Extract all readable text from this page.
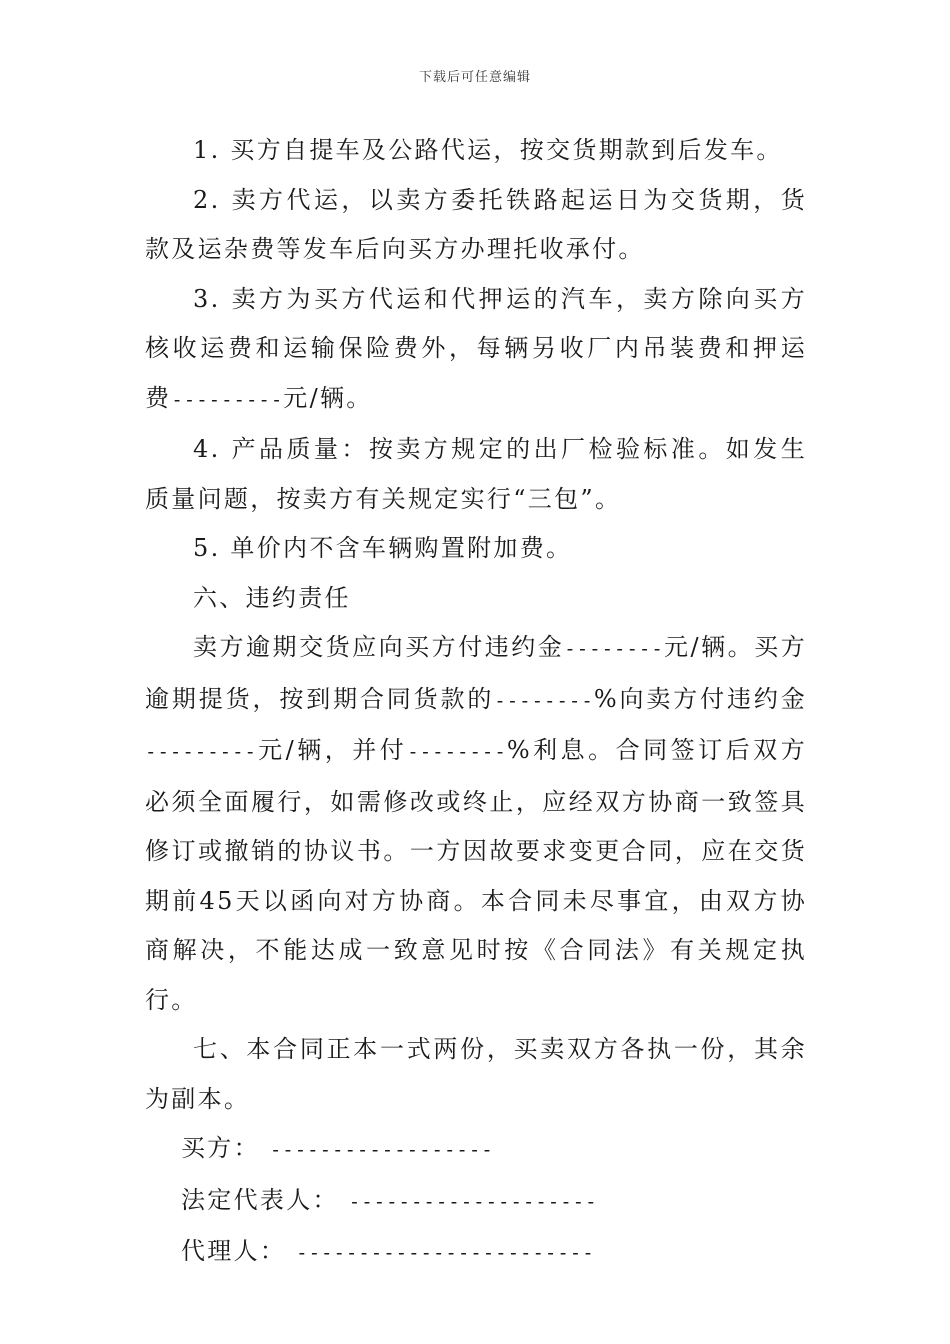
下载后可任意编辑

1. 买方自提车及公路代运，按交货期款到后发车。

2. 卖方代运，以卖方委托铁路起运日为交货期，货款及运杂费等发车后向买方办理托收承付。

3. 卖方为买方代运和代押运的汽车，卖方除向买方核收运费和运输保险费外，每辆另收厂内吊装费和押运费---------元/辆。

4. 产品质量：按卖方规定的出厂检验标准。如发生质量问题，按卖方有关规定实行“三包”。

5. 单价内不含车辆购置附加费。

六、违约责任

卖方逾期交货应向买方付违约金--------元/辆。买方逾期提货，按到期合同货款的--------%向卖方付违约金 ---------元/辆，并付--------%利息。合同签订后双方必须全面履行，如需修改或终止，应经双方协商一致签具修订或撤销的协议书。一方因故要求变更合同，应在交货期前45天以函向对方协商。本合同未尽事宜，由双方协商解决，不能达成一致意见时按《合同法》有关规定执行。

七、本合同正本一式两份，买卖双方各执一份，其余为副本。

买方： ------------------

法定代表人： --------------------

代理人： ------------------------
